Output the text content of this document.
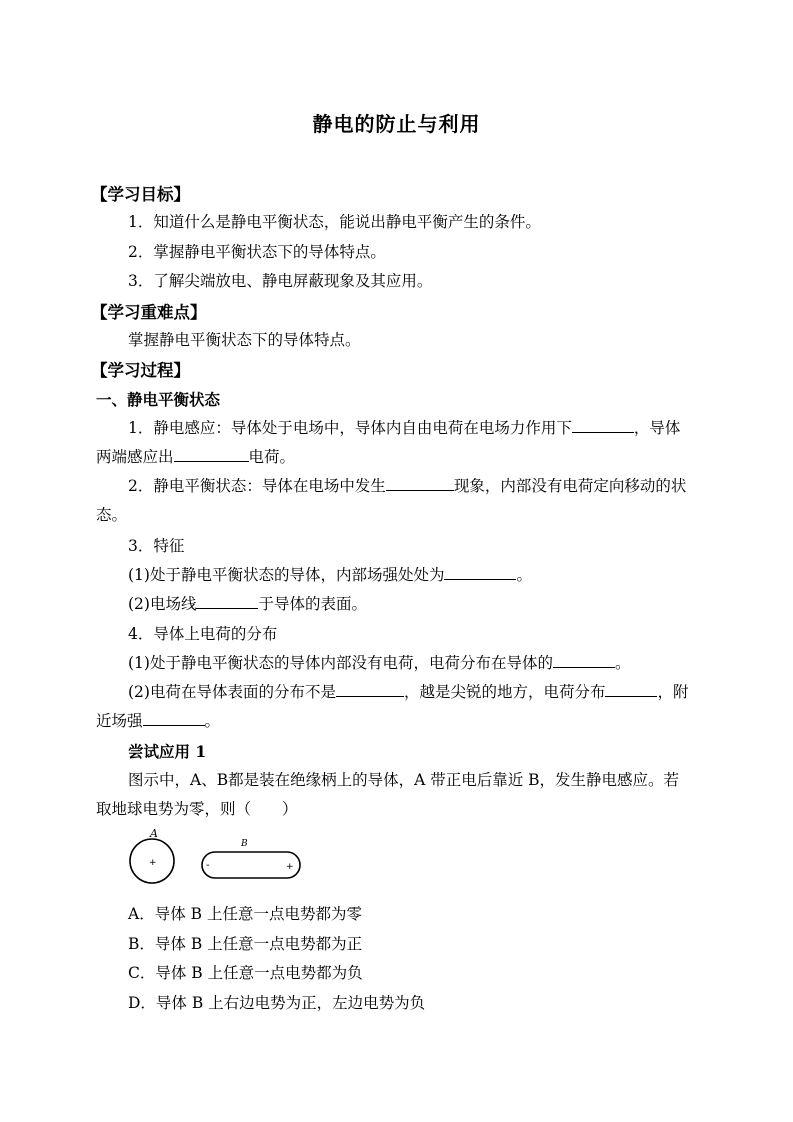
静电的防止与利用
【学习目标】
1．知道什么是静电平衡状态，能说出静电平衡产生的条件。
2．掌握静电平衡状态下的导体特点。
3．了解尖端放电、静电屏蔽现象及其应用。
【学习重难点】
掌握静电平衡状态下的导体特点。
【学习过程】
一、静电平衡状态
1．静电感应：导体处于电场中，导体内自由电荷在电场力作用下	，导体
两端感应出	电荷。
2．静电平衡状态：导体在电场中发生	现象，内部没有电荷定向移动的状
态。
3．特征
(1)处于静电平衡状态的导体，内部场强处处为	。
(2)电场线	于导体的表面。
4．导体上电荷的分布
(1)处于静电平衡状态的导体内部没有电荷，电荷分布在导体的	。
(2)电荷在导体表面的分布不是	，越是尖锐的地方，电荷分布	，附
近场强	。
尝试应用 1
图示中，A、B都是装在绝缘柄上的导体，A 带正电后靠近 B，发生静电感应。若
取地球电势为零，则（　　）
+
A
B
-	+
A．导体 B 上任意一点电势都为零
B．导体 B 上任意一点电势都为正
C．导体 B 上任意一点电势都为负
D．导体 B 上右边电势为正，左边电势为负
